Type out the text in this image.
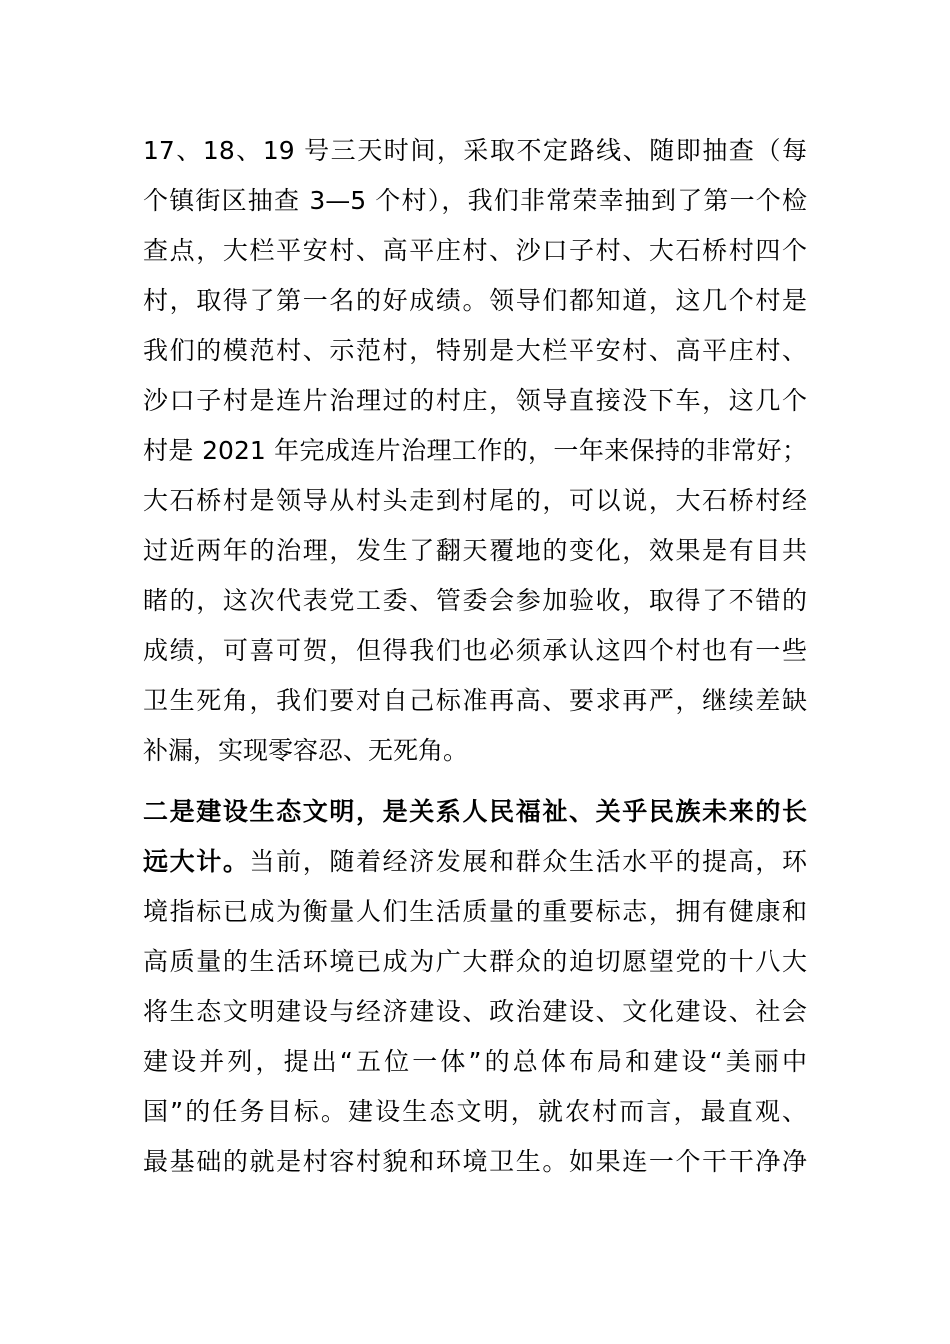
17、18、19 号三天时间，采取不定路线、随即抽查（每
个镇街区抽查 3—5 个村），我们非常荣幸抽到了第一个检
查点，大栏平安村、高平庄村、沙口子村、大石桥村四个
村，取得了第一名的好成绩。领导们都知道，这几个村是
我们的模范村、示范村，特别是大栏平安村、高平庄村、
沙口子村是连片治理过的村庄，领导直接没下车，这几个
村是 2021 年完成连片治理工作的，一年来保持的非常好；
大石桥村是领导从村头走到村尾的，可以说，大石桥村经
过近两年的治理，发生了翻天覆地的变化，效果是有目共
睹的，这次代表党工委、管委会参加验收，取得了不错的
成绩，可喜可贺，但得我们也必须承认这四个村也有一些
卫生死角，我们要对自己标准再高、要求再严，继续差缺
补漏，实现零容忍、无死角。
二是建设生态文明，是关系人民福祉、关乎民族未来的长
远大计。当前，随着经济发展和群众生活水平的提高，环
境指标已成为衡量人们生活质量的重要标志，拥有健康和
高质量的生活环境已成为广大群众的迫切愿望党的十八大
将生态文明建设与经济建设、政治建设、文化建设、社会
建设并列，提出“五位一体”的总体布局和建设“美丽中
国”的任务目标。建设生态文明，就农村而言，最直观、
最基础的就是村容村貌和环境卫生。如果连一个干干净净
